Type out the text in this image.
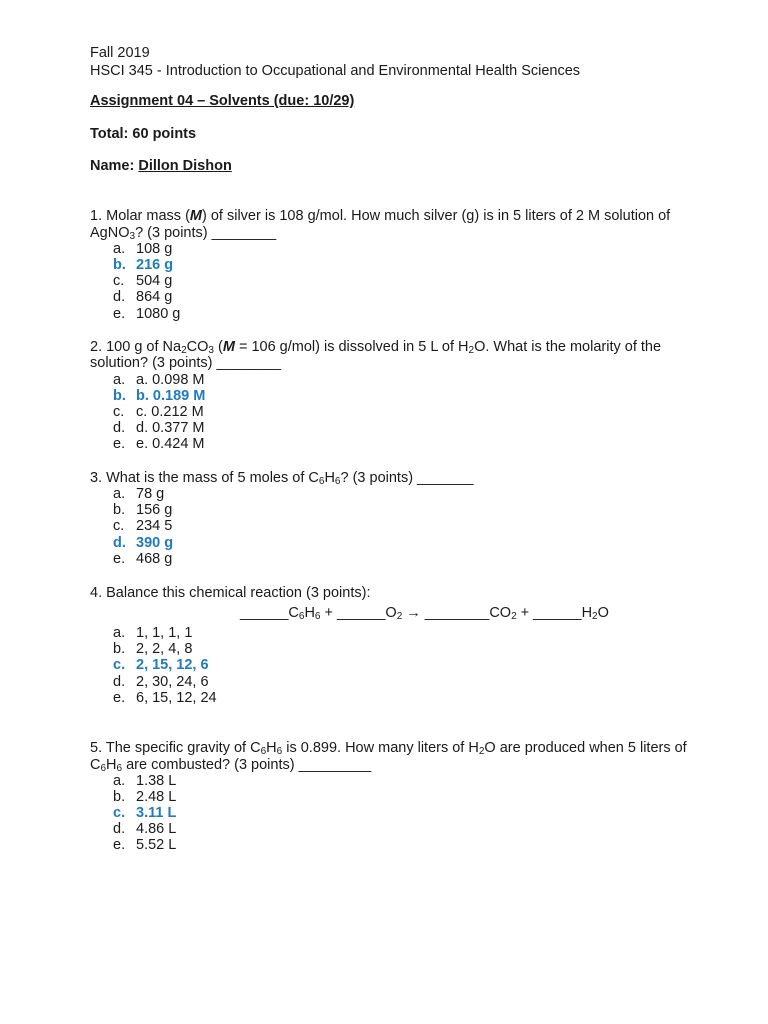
Fall 2019
HSCI 345 - Introduction to Occupational and Environmental Health Sciences
Assignment 04 – Solvents (due: 10/29)
Total: 60 points
Name: Dillon Dishon
1. Molar mass (M) of silver is 108 g/mol. How much silver (g) is in 5 liters of 2 M solution of
AgNO$_3$? (3 points) ________
a. 108 g
b. 216 g
c. 504 g
d. 864 g
e. 1080 g
2. 100 g of $Na_2CO_3$ (M = 106 g/mol) is dissolved in 5 L of $H_2O$. What is the molarity of the
solution? (3 points) ________
a. a. 0.098 M
b. b. 0.189 M
c. c. 0.212 M
d. d. 0.377 M
e. e. 0.424 M
3. What is the mass of 5 moles of $C_6H_6$? (3 points) _______
a. 78 g
b. 156 g
c. 234 5
d. 390 g
e. 468 g
4. Balance this chemical reaction (3 points):
$\_\_\_\_\_\_C_6H_6$ + $\_\_\_\_\_\_O_2$ → $\_\_\_\_\_\_\_\_CO_2$ + $\_\_\_\_\_\_H_2O$
a. 1, 1, 1, 1
b. 2, 2, 4, 8
c. 2, 15, 12, 6
d. 2, 30, 24, 6
e. 6, 15, 12, 24
5. The specific gravity of $C_6H_6$ is 0.899. How many liters of $H_2O$ are produced when 5 liters of
$C_6H_6$ are combusted? (3 points) _________
a. 1.38 L
b. 2.48 L
c. 3.11 L
d. 4.86 L
e. 5.52 L
